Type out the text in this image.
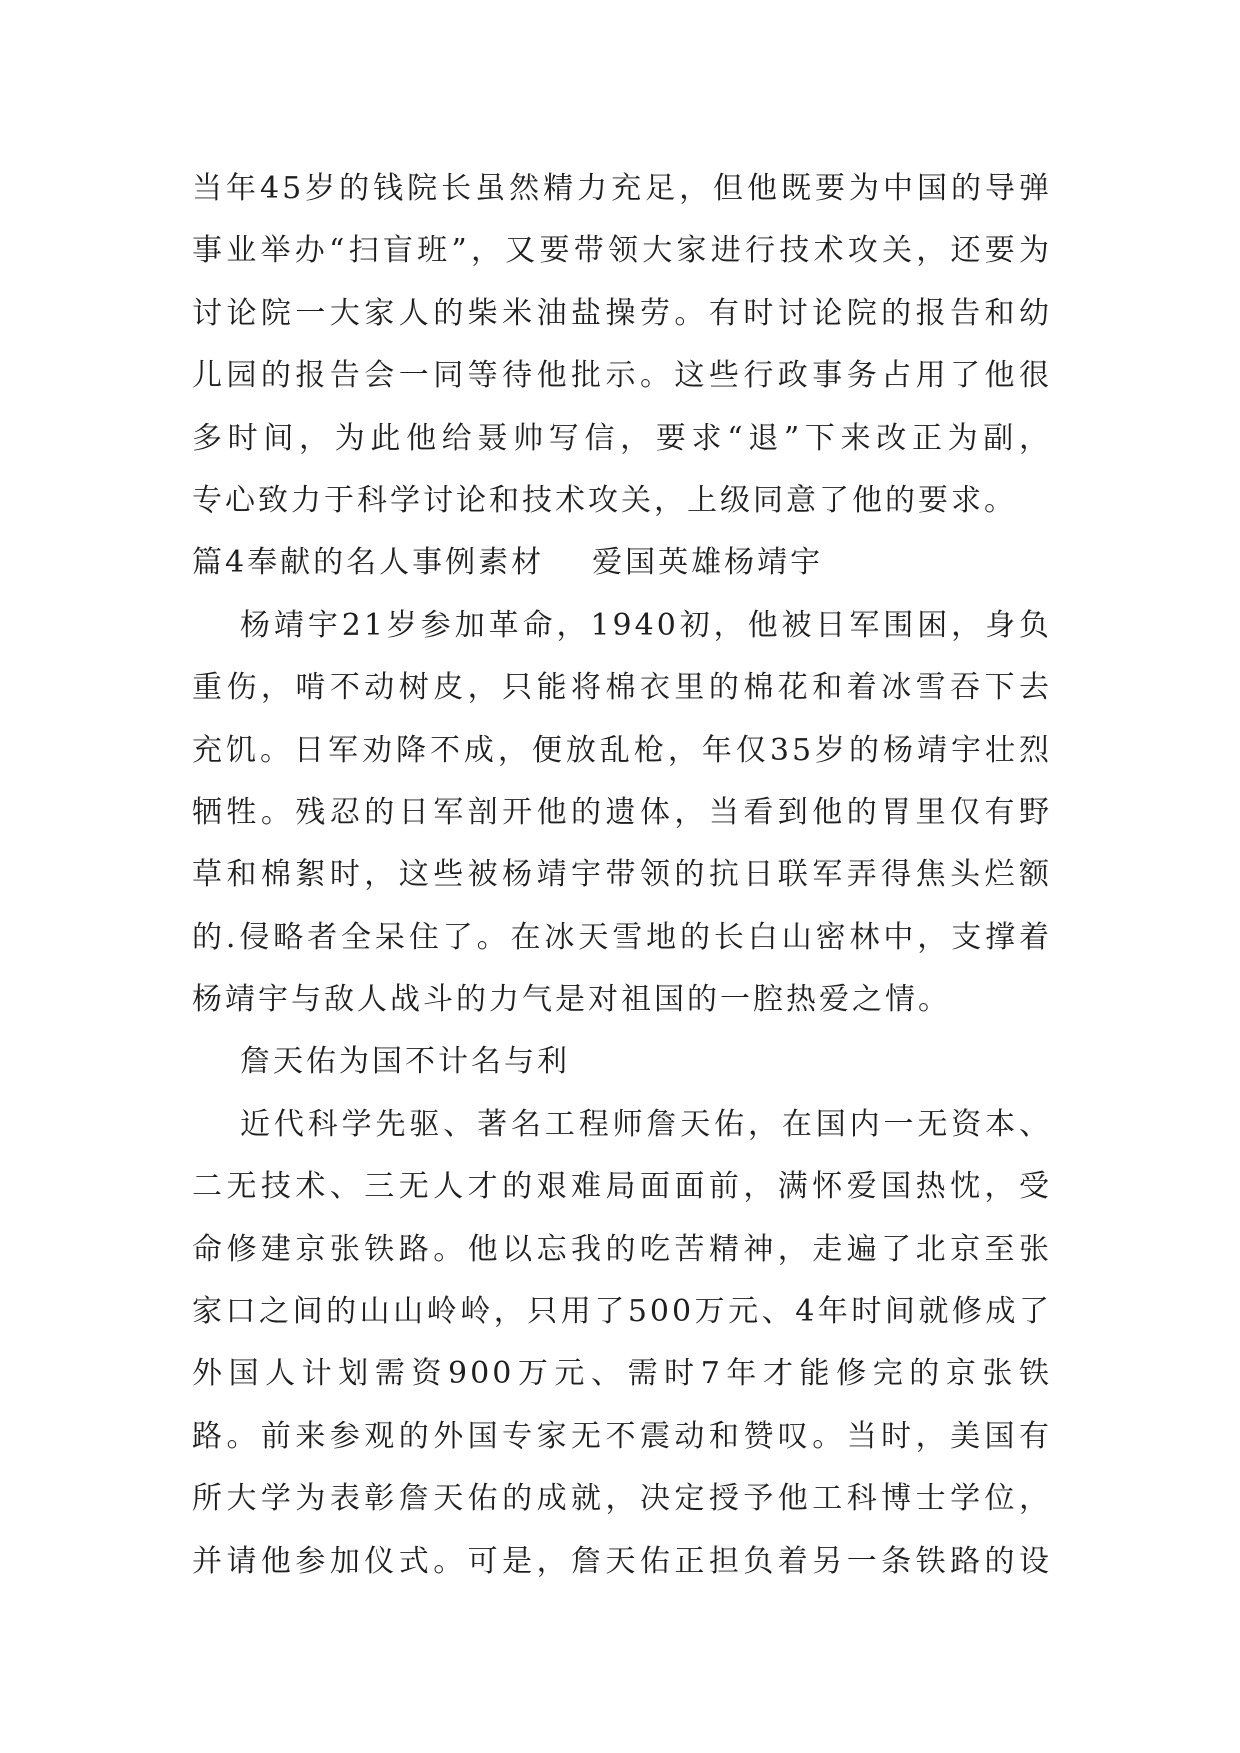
当年45岁的钱院长虽然精力充足，但他既要为中国的导弹
事业举办“扫盲班”，又要带领大家进行技术攻关，还要为
讨论院一大家人的柴米油盐操劳。有时讨论院的报告和幼
儿园的报告会一同等待他批示。这些行政事务占用了他很
多时间，为此他给聂帅写信，要求“退”下来改正为副，
专心致力于科学讨论和技术攻关，上级同意了他的要求。
篇4奉献的名人事例素材 爱国英雄杨靖宇
杨靖宇21岁参加革命，1940初，他被日军围困，身负
重伤，啃不动树皮，只能将棉衣里的棉花和着冰雪吞下去
充饥。日军劝降不成，便放乱枪，年仅35岁的杨靖宇壮烈
牺牲。残忍的日军剖开他的遗体，当看到他的胃里仅有野
草和棉絮时，这些被杨靖宇带领的抗日联军弄得焦头烂额
的.侵略者全呆住了。在冰天雪地的长白山密林中，支撑着
杨靖宇与敌人战斗的力气是对祖国的一腔热爱之情。
詹天佑为国不计名与利
近代科学先驱、著名工程师詹天佑，在国内一无资本、
二无技术、三无人才的艰难局面面前，满怀爱国热忱，受
命修建京张铁路。他以忘我的吃苦精神，走遍了北京至张
家口之间的山山岭岭，只用了500万元、4年时间就修成了
外国人计划需资900万元、需时7年才能修完的京张铁
路。前来参观的外国专家无不震动和赞叹。当时，美国有
所大学为表彰詹天佑的成就，决定授予他工科博士学位，
并请他参加仪式。可是，詹天佑正担负着另一条铁路的设
